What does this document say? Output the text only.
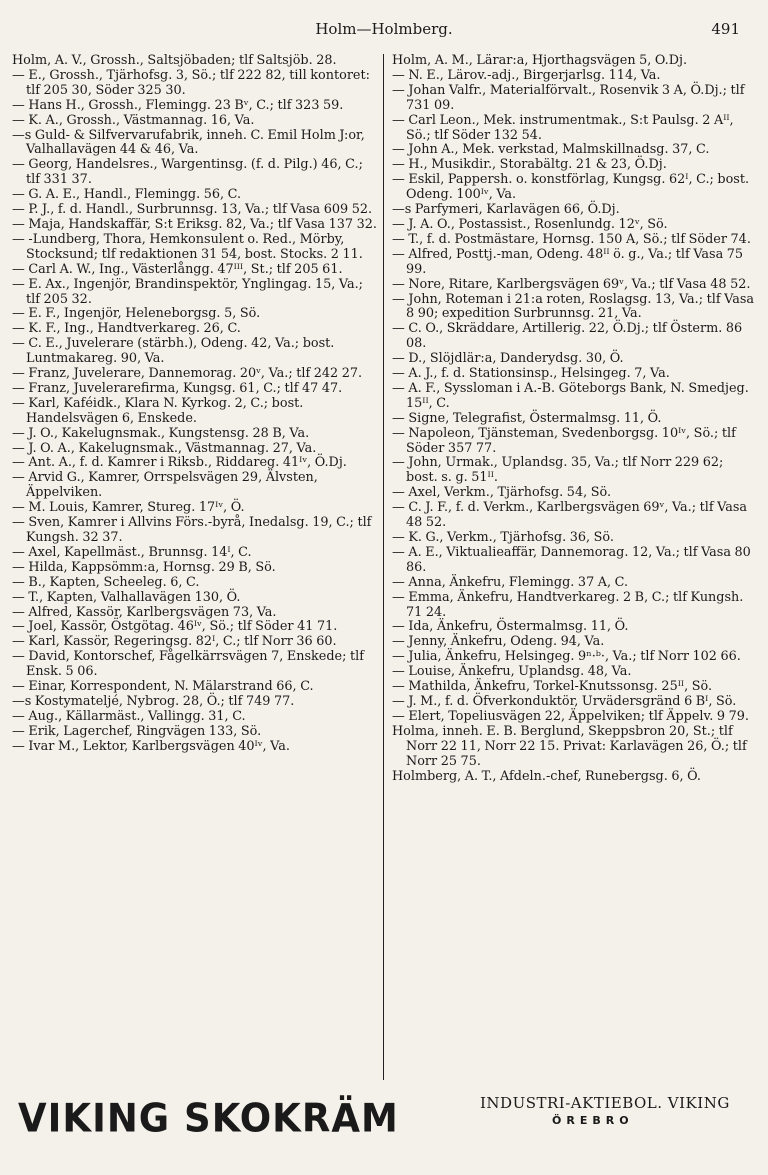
Holm—Holmberg.	491
Holm, A. V., Grossh., Saltsjöbaden; tlf Saltsjöb. 28.
— E., Grossh., Tjärhofsg. 3, Sö.; tlf 222 82, till kontoret: tlf 205 30, Söder 325 30.
— Hans H., Grossh., Flemingg. 23 Bᵛ, C.; tlf 323 59.
— K. A., Grossh., Västmannag. 16, Va.
—s Guld- & Silfvervarufabrik, inneh. C. Emil Holm J:or, Valhallavägen 44 & 46, Va.
— Georg, Handelsres., Wargentinsg. (f. d. Pilg.) 46, C.; tlf 331 37.
— G. A. E., Handl., Flemingg. 56, C.
— P. J., f. d. Handl., Surbrunnsg. 13, Va.; tlf Vasa 609 52.
— Maja, Handskaffär, S:t Eriksg. 82, Va.; tlf Vasa 137 32.
— -Lundberg, Thora, Hemkonsulent o. Red., Mörby, Stocksund; tlf redaktionen 31 54, bost. Stocks. 2 11.
— Carl A. W., Ing., Västerlångg. 47ᴵᴵᴵ, St.; tlf 205 61.
— E. Ax., Ingenjör, Brandinspektör, Ynglingag. 15, Va.; tlf 205 32.
— E. F., Ingenjör, Heleneborgsg. 5, Sö.
— K. F., Ing., Handtverkareg. 26, C.
— C. E., Juvelerare (stärbh.), Odeng. 42, Va.; bost. Luntmakareg. 90, Va.
— Franz, Juvelerare, Dannemorag. 20ᵛ, Va.; tlf 242 27.
— Franz, Juvelerarefirma, Kungsg. 61, C.; tlf 47 47.
— Karl, Kaféidk., Klara N. Kyrkog. 2, C.; bost. Handelsvägen 6, Enskede.
— J. O., Kakelugnsmak., Kungstensg. 28 B, Va.
— J. O. A., Kakelugnsmak., Västmannag. 27, Va.
— Ant. A., f. d. Kamrer i Riksb., Riddareg. 41ᴵᵛ, Ö.Dj.
— Arvid G., Kamrer, Orrspelsvägen 29, Älvsten, Äppelviken.
— M. Louis, Kamrer, Stureg. 17ᴵᵛ, Ö.
— Sven, Kamrer i Allvins Förs.-byrå, Inedalsg. 19, C.; tlf Kungsh. 32 37.
— Axel, Kapellmäst., Brunnsg. 14ᴵ, C.
— Hilda, Kappsömm:a, Hornsg. 29 B, Sö.
— B., Kapten, Scheeleg. 6, C.
— T., Kapten, Valhallavägen 130, Ö.
— Alfred, Kassör, Karlbergsvägen 73, Va.
— Joel, Kassör, Östgötag. 46ᴵᵛ, Sö.; tlf Söder 41 71.
— Karl, Kassör, Regeringsg. 82ᴵ, C.; tlf Norr 36 60.
— David, Kontorschef, Fågelkärrsvägen 7, Enskede; tlf Ensk. 5 06.
— Einar, Korrespondent, N. Mälarstrand 66, C.
—s Kostymateljé, Nybrog. 28, Ö.; tlf 749 77.
— Aug., Källarmäst., Vallingg. 31, C.
— Erik, Lagerchef, Ringvägen 133, Sö.
— Ivar M., Lektor, Karlbergsvägen 40ᴵᵛ, Va.
Holm, A. M., Lärar:a, Hjorthagsvägen 5, Ö.Dj.
— N. E., Lärov.-adj., Birgerjarlsg. 114, Va.
— Johan Valfr., Materialförvalt., Rosenvik 3 A, Ö.Dj.; tlf 731 09.
— Carl Leon., Mek. instrumentmak., S:t Paulsg. 2 Aᴵᴵ, Sö.; tlf Söder 132 54.
— John A., Mek. verkstad, Malmskillnadsg. 37, C.
— H., Musikdir., Storabältg. 21 & 23, Ö.Dj.
— Eskil, Pappersh. o. konstförlag, Kungsg. 62ᴵ, C.; bost. Odeng. 100ᴵᵛ, Va.
—s Parfymeri, Karlavägen 66, Ö.Dj.
— J. A. O., Postassist., Rosenlundg. 12ᵛ, Sö.
— T., f. d. Postmästare, Hornsg. 150 A, Sö.; tlf Söder 74.
— Alfred, Posttj.-man, Odeng. 48ᴵᴵ ö. g., Va.; tlf Vasa 75 99.
— Nore, Ritare, Karlbergsvägen 69ᵛ, Va.; tlf Vasa 48 52.
— John, Roteman i 21:a roten, Roslagsg. 13, Va.; tlf Vasa 8 90; expedition Surbrunnsg. 21, Va.
— C. O., Skräddare, Artillerig. 22, Ö.Dj.; tlf Österm. 86 08.
— D., Slöjdlär:a, Danderydsg. 30, Ö.
— A. J., f. d. Stationsinsp., Helsingeg. 7, Va.
— A. F., Syssloman i A.-B. Göteborgs Bank, N. Smedjeg. 15ᴵᴵ, C.
— Signe, Telegrafist, Östermalmsg. 11, Ö.
— Napoleon, Tjänsteman, Svedenborgsg. 10ᴵᵛ, Sö.; tlf Söder 357 77.
— John, Urmak., Uplandsg. 35, Va.; tlf Norr 229 62; bost. s. g. 51ᴵᴵ.
— Axel, Verkm., Tjärhofsg. 54, Sö.
— C. J. F., f. d. Verkm., Karlbergsvägen 69ᵛ, Va.; tlf Vasa 48 52.
— K. G., Verkm., Tjärhofsg. 36, Sö.
— A. E., Viktualieaffär, Dannemorag. 12, Va.; tlf Vasa 80 86.
— Anna, Änkefru, Flemingg. 37 A, C.
— Emma, Änkefru, Handtverkareg. 2 B, C.; tlf Kungsh. 71 24.
— Ida, Änkefru, Östermalmsg. 11, Ö.
— Jenny, Änkefru, Odeng. 94, Va.
— Julia, Änkefru, Helsingeg. 9ⁿ·ᵇ·, Va.; tlf Norr 102 66.
— Louise, Änkefru, Uplandsg. 48, Va.
— Mathilda, Änkefru, Torkel-Knutssonsg. 25ᴵᴵ, Sö.
— J. M., f. d. Öfverkonduktör, Urvädersgränd 6 Bᴵ, Sö.
— Elert, Topeliusvägen 22, Äppelviken; tlf Äppelv. 9 79.
Holma, inneh. E. B. Berglund, Skeppsbron 20, St.; tlf Norr 22 11, Norr 22 15. Privat: Karlavägen 26, Ö.; tlf Norr 25 75.
Holmberg, A. T., Afdeln.-chef, Runebergsg. 6, Ö.
VIKING SKOKRÄM	INDUSTRI-AKTIEBOL. VIKING
ÖREBRO
